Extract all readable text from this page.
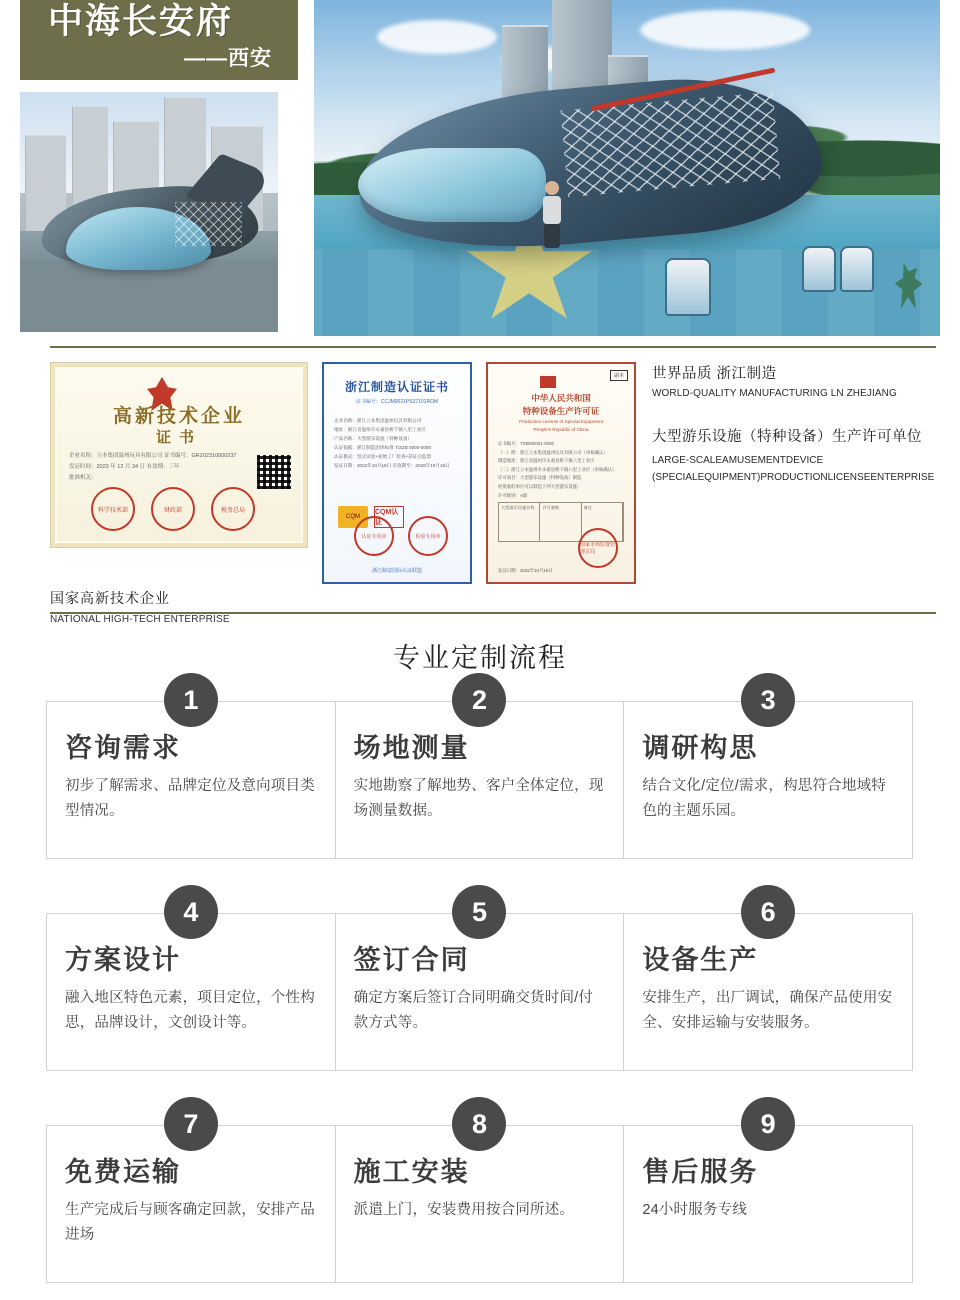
中海长安府
——西安
高新技术企业
证书
企业名称：立本集团温州玩具有限公司 证书编号：GR202310000237
发证时间：2023 年 12 月 24 日 有效期：三年
批准机关：
科学技术部	财政部	税务总局
浙江制造认证证书
证书编号：CCJM0021PS37101ROM
企业名称：浙江立本集团温州玩具有限公司
地址：浙江省温州市永嘉县桥下镇八里工业区
产品名称：大型游乐设施（特种设备）
认证依据：浙江制造团体标准 T/ZZB 0000-0000
认证模式：型式试验+初始工厂检查+获证后监督
发证日期：2022年10月18日 有效期至：2026年10月18日
CQM
CQM认证
认证专用章	检验专用章
浙江制造国际认证联盟
副本
中华人民共和国
特种设备生产许可证
Production License of Special Equipment
People's Republic of China
证书编号：TS0000001-0000
（一）附：浙江立本集团温州玩具有限公司（审核确认）
制造地址：浙江省温州市永嘉县桥下镇八里工业区
（二）浙江立本温州市永嘉县桥下镇八里工业区（审核确认）
许可项目：大型游乐设施（特种设备）制造
经批准的单位可以制造下列大型游乐设施：
许可级别：A级
大型游乐设施名称	许可参数	备注
发证日期：2022年10月18日
国家市场监督管理总局
国家高新技术企业
NATIONAL HIGH-TECH ENTERPRISE
世界品质 浙江制造
WORLD-QUALITY MANUFACTURING LN ZHEJIANG
大型游乐设施（特种设备）生产许可单位
LARGE-SCALEAMUSEMENTDEVICE
(SPECIALEQUIPMENT)PRODUCTIONLICENSEENTERPRISE
专业定制流程
1
咨询需求
初步了解需求、品牌定位及意向项目类型情况。
2
场地测量
实地勘察了解地势、客户全体定位，现场测量数据。
3
调研构思
结合文化/定位/需求，构思符合地域特色的主题乐园。
4
方案设计
融入地区特色元素，项目定位，个性构思，品牌设计，文创设计等。
5
签订合同
确定方案后签订合同明确交货时间/付款方式等。
6
设备生产
安排生产，出厂调试，确保产品使用安全、安排运输与安装服务。
7
免费运输
生产完成后与顾客确定回款，安排产品进场
8
施工安装
派遣上门，安装费用按合同所述。
9
售后服务
24小时服务专线
